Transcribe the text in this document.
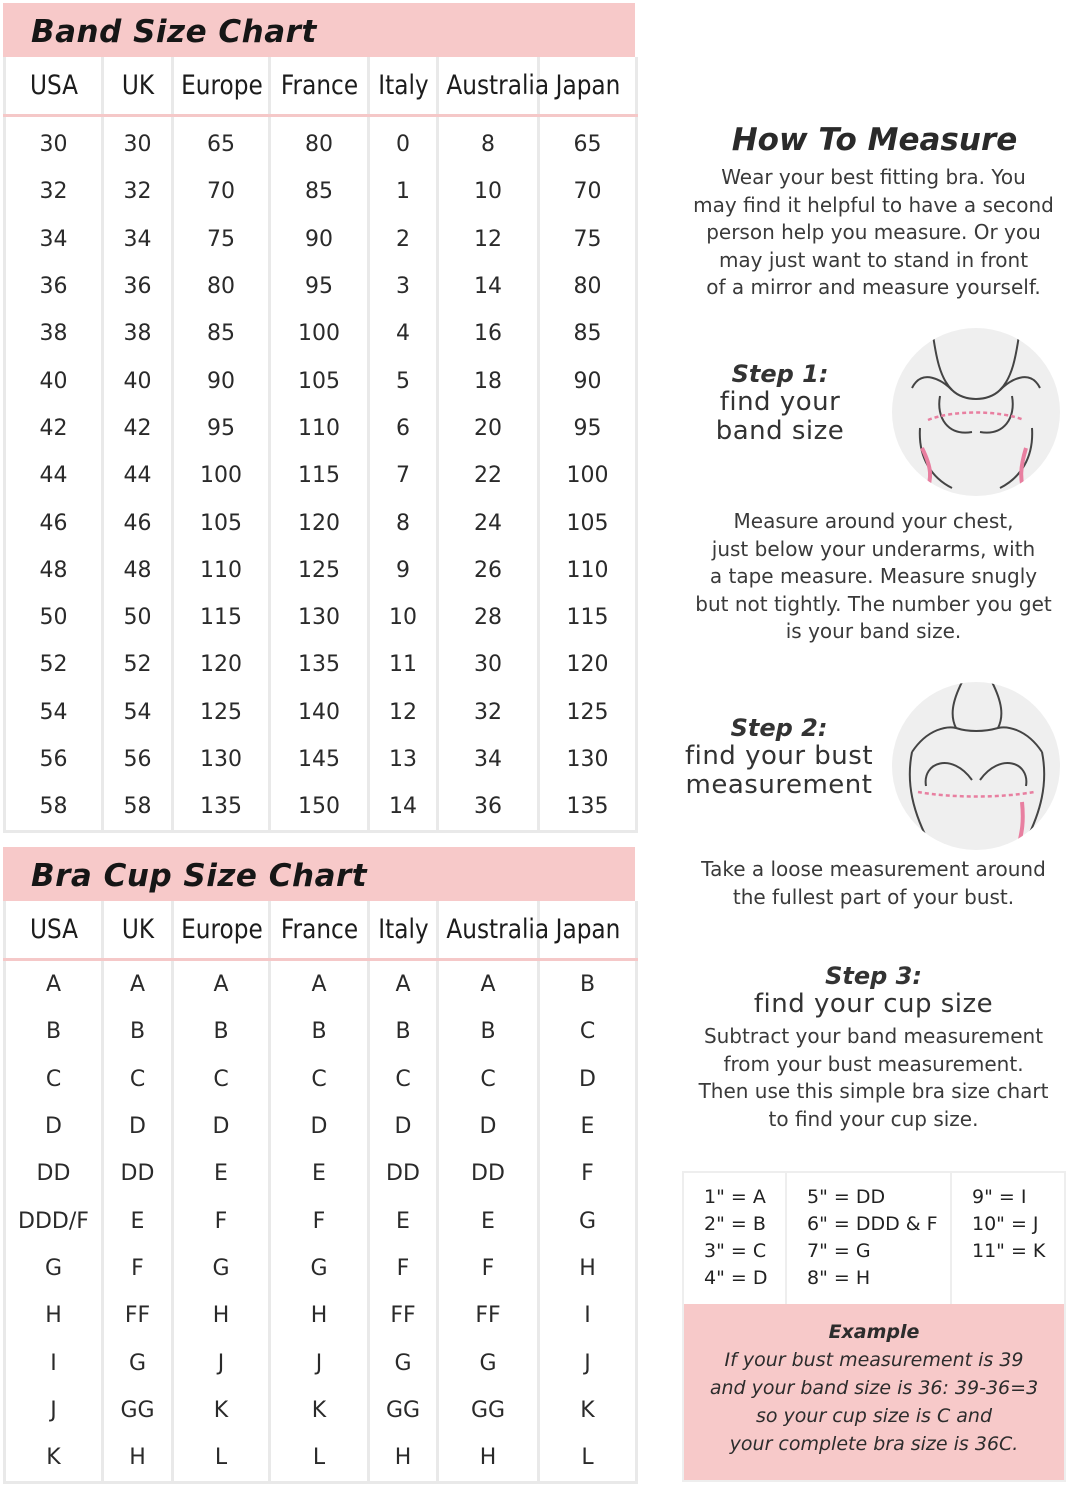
Band Size Chart
USA	UK	Europe	France	Italy	Australia	Japan
30	30	65	80	0	8	65
32	32	70	85	1	10	70
34	34	75	90	2	12	75
36	36	80	95	3	14	80
38	38	85	100	4	16	85
40	40	90	105	5	18	90
42	42	95	110	6	20	95
44	44	100	115	7	22	100
46	46	105	120	8	24	105
48	48	110	125	9	26	110
50	50	115	130	10	28	115
52	52	120	135	11	30	120
54	54	125	140	12	32	125
56	56	130	145	13	34	130
58	58	135	150	14	36	135
Bra Cup Size Chart
USA	UK	Europe	France	Italy	Australia	Japan
A	A	A	A	A	A	B
B	B	B	B	B	B	C
C	C	C	C	C	C	D
D	D	D	D	D	D	E
DD	DD	E	E	DD	DD	F
DDD/F	E	F	F	E	E	G
G	F	G	G	F	F	H
H	FF	H	H	FF	FF	I
I	G	J	J	G	G	J
J	GG	K	K	GG	GG	K
K	H	L	L	H	H	L
How To Measure
Wear your best fitting bra. You
may find it helpful to have a second
person help you measure. Or you
may just want to stand in front
of a mirror and measure yourself.
Step 1:
find your
band size
Measure around your chest,
just below your underarms, with
a tape measure. Measure snugly
but not tightly. The number you get
is your band size.
Step 2:
find your bust
measurement
Take a loose measurement around
the fullest part of your bust.
Step 3:
find your cup size
Subtract your band measurement
from your bust measurement.
Then use this simple bra size chart
to find your cup size.
1" = A
2" = B
3" = C
4" = D
5" = DD
6" = DDD & F
7" = G
8" = H
9" = I
10" = J
11" = K
Example
If your bust measurement is 39
and your band size is 36: 39-36=3
so your cup size is C and
your complete bra size is 36C.
